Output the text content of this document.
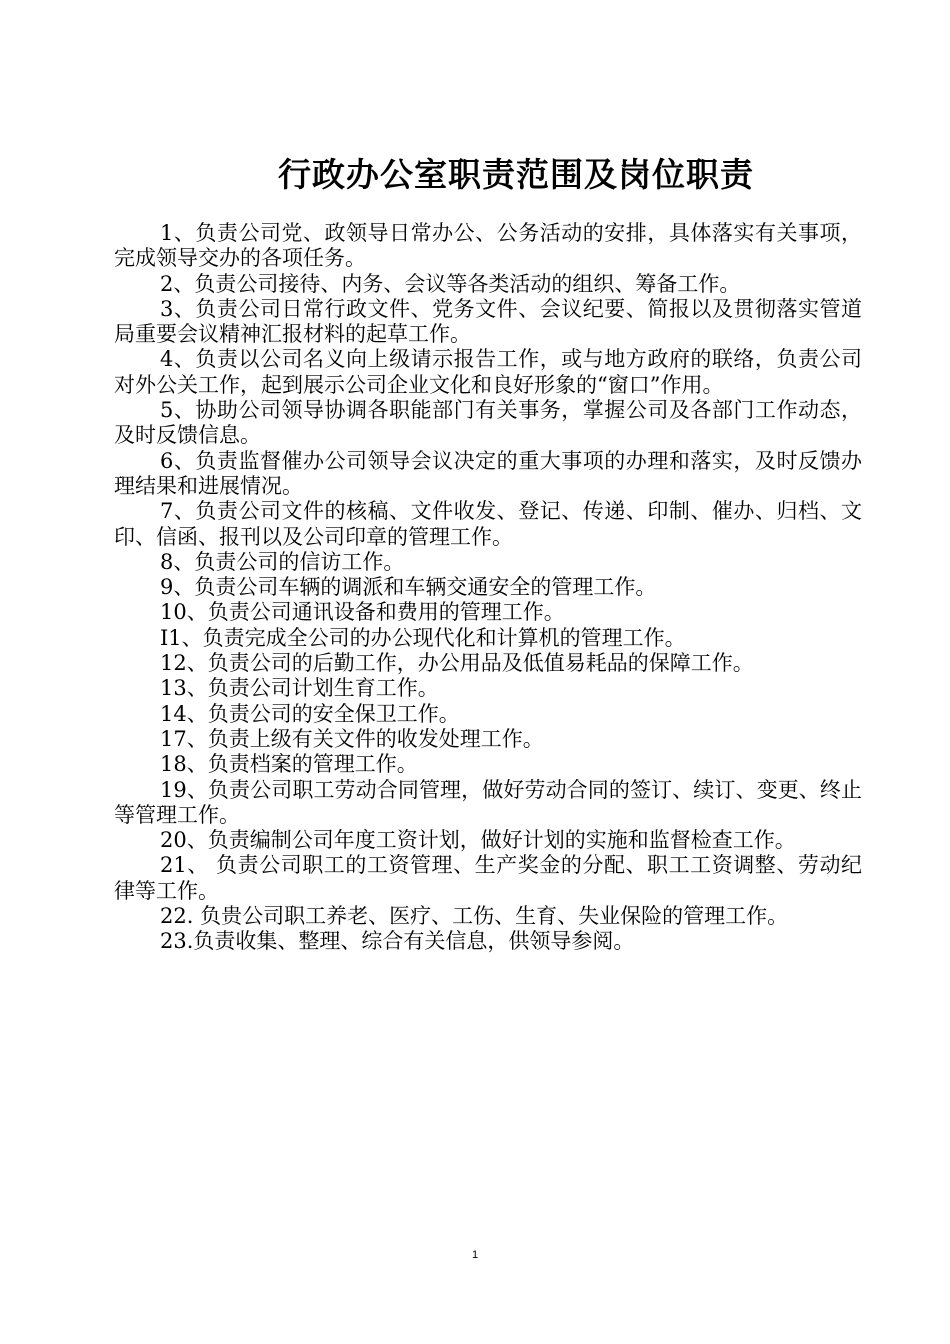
行政办公室职责范围及岗位职责

1、负责公司党、政领导日常办公、公务活动的安排，具体落实有关事项，完成领导交办的各项任务。

2、负责公司接待、内务、会议等各类活动的组织、筹备工作。

3、负责公司日常行政文件、党务文件、会议纪要、简报以及贯彻落实管道局重要会议精神汇报材料的起草工作。

4、负责以公司名义向上级请示报告工作，或与地方政府的联络，负责公司对外公关工作，起到展示公司企业文化和良好形象的“窗口”作用。

5、协助公司领导协调各职能部门有关事务，掌握公司及各部门工作动态，及时反馈信息。

6、负责监督催办公司领导会议决定的重大事项的办理和落实，及时反馈办理结果和进展情况。

7、负责公司文件的核稿、文件收发、登记、传递、印制、催办、归档、文印、信函、报刊以及公司印章的管理工作。

8、负责公司的信访工作。

9、负责公司车辆的调派和车辆交通安全的管理工作。

10、负责公司通讯设备和费用的管理工作。

I1、负责完成全公司的办公现代化和计算机的管理工作。

12、负责公司的后勤工作，办公用品及低值易耗品的保障工作。

13、负责公司计划生育工作。

14、负责公司的安全保卫工作。

17、负责上级有关文件的收发处理工作。

18、负责档案的管理工作。

19、负责公司职工劳动合同管理，做好劳动合同的签订、续订、变更、终止等管理工作。

20、负责编制公司年度工资计划，做好计划的实施和监督检查工作。

21、 负责公司职工的工资管理、生产奖金的分配、职工工资调整、劳动纪律等工作。

22. 负贵公司职工养老、医疗、工伤、生育、失业保险的管理工作。

23.负责收集、整理、综合有关信息，供领导参阅。

1
